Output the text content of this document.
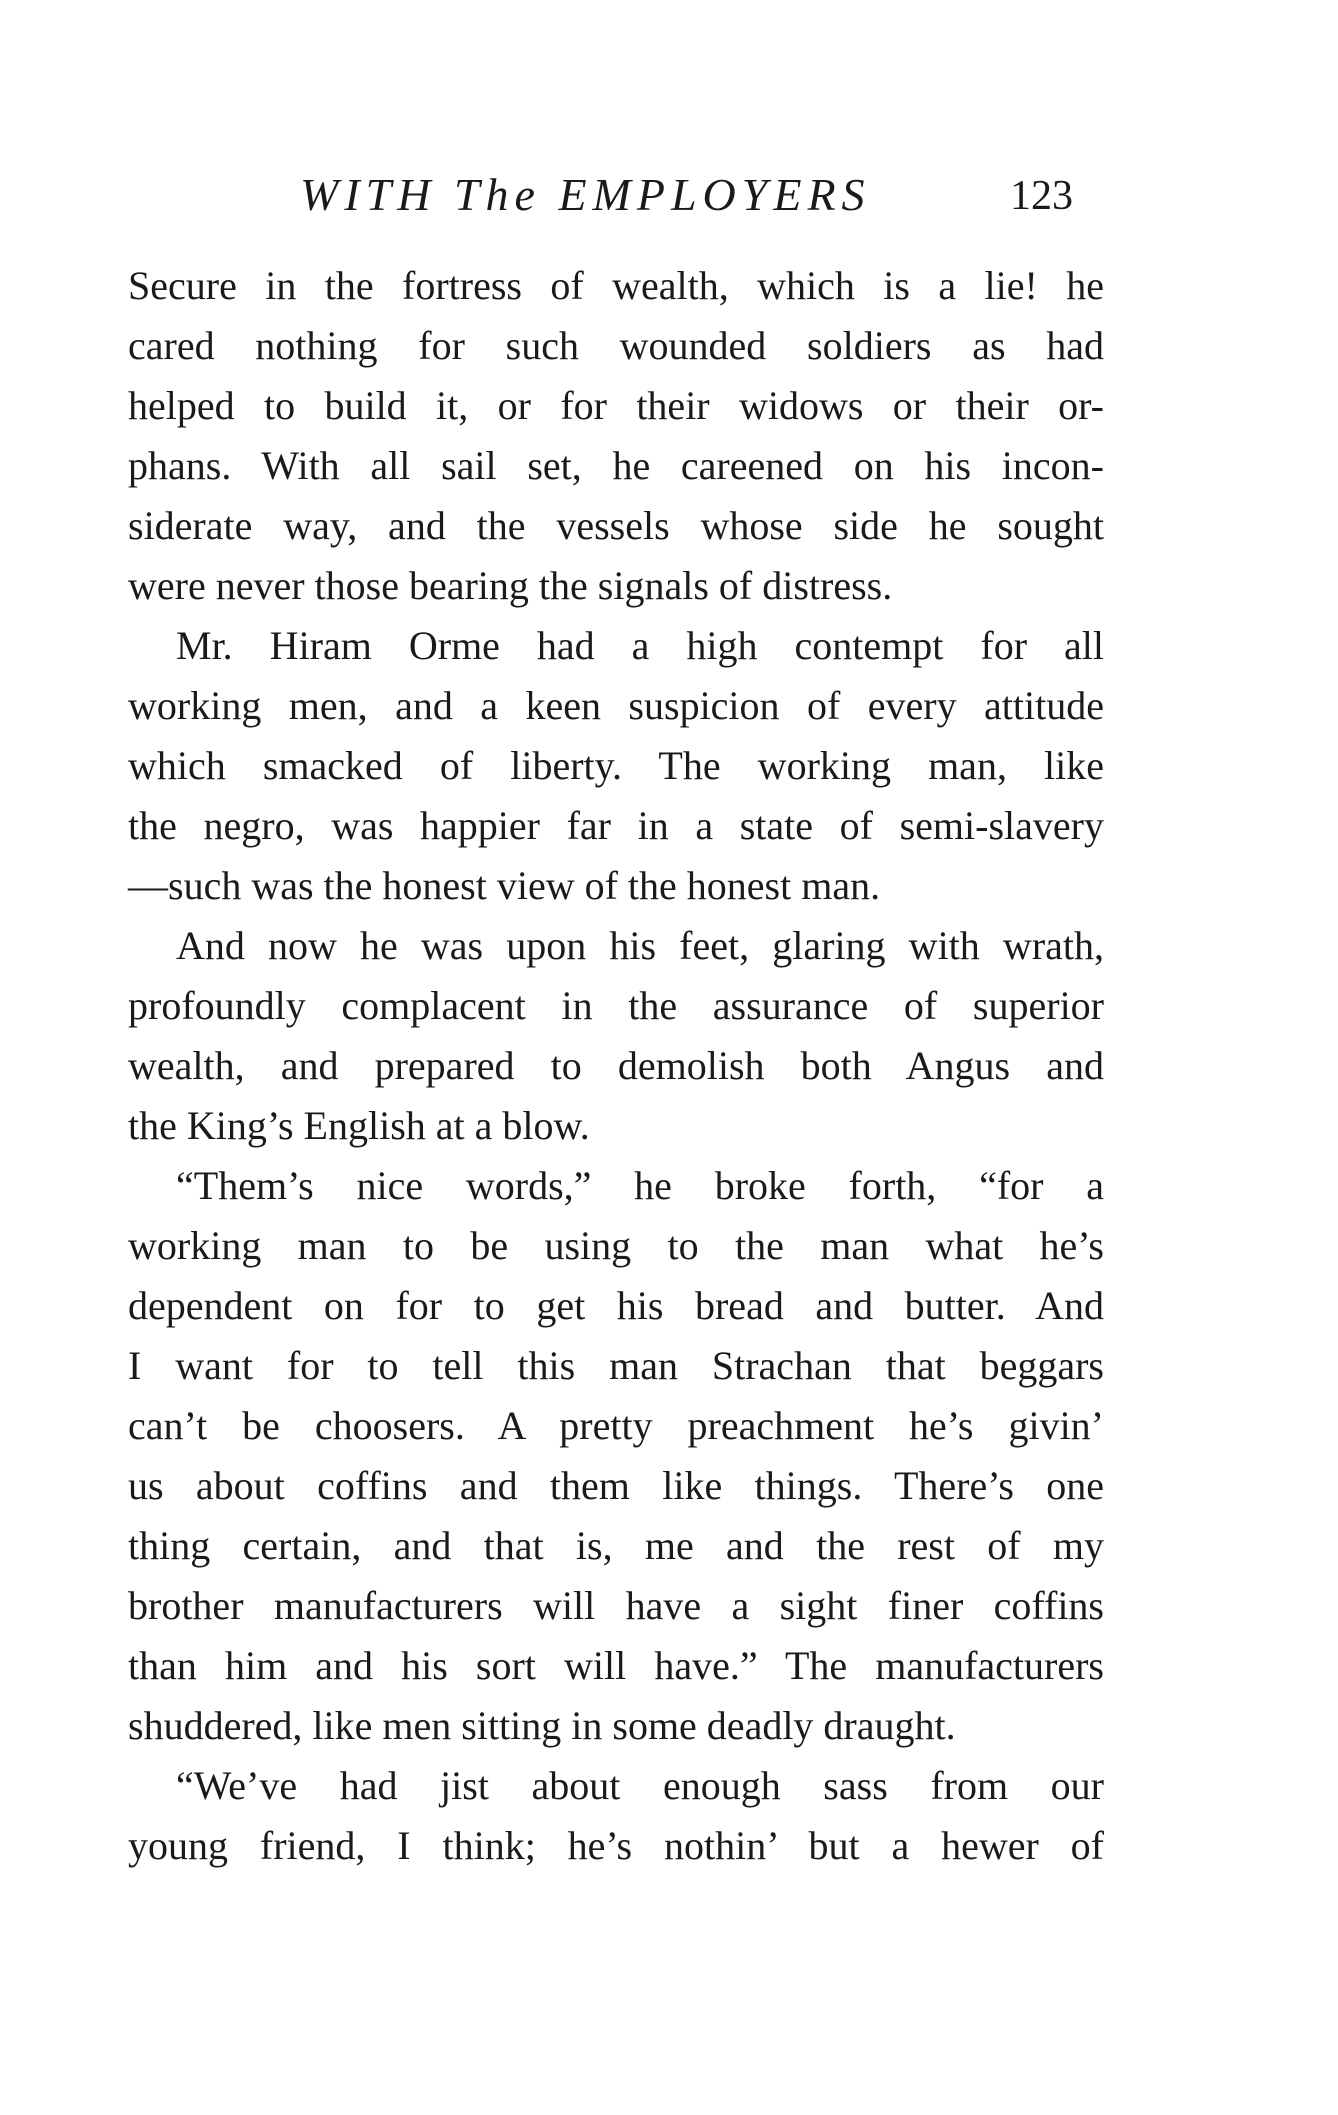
WITH The EMPLOYERS	123
Secure in the fortress of wealth, which is a lie! he
cared nothing for such wounded soldiers as had
helped to build it, or for their widows or their or-
phans. With all sail set, he careened on his incon-
siderate way, and the vessels whose side he sought
were never those bearing the signals of distress.
Mr. Hiram Orme had a high contempt for all
working men, and a keen suspicion of every attitude
which smacked of liberty. The working man, like
the negro, was happier far in a state of semi-slavery
—such was the honest view of the honest man.
And now he was upon his feet, glaring with wrath,
profoundly complacent in the assurance of superior
wealth, and prepared to demolish both Angus and
the King’s English at a blow.
“Them’s nice words,” he broke forth, “for a
working man to be using to the man what he’s
dependent on for to get his bread and butter. And
I want for to tell this man Strachan that beggars
can’t be choosers. A pretty preachment he’s givin’
us about coffins and them like things. There’s one
thing certain, and that is, me and the rest of my
brother manufacturers will have a sight finer coffins
than him and his sort will have.” The manufacturers
shuddered, like men sitting in some deadly draught.
“We’ve had jist about enough sass from our
young friend, I think; he’s nothin’ but a hewer of
